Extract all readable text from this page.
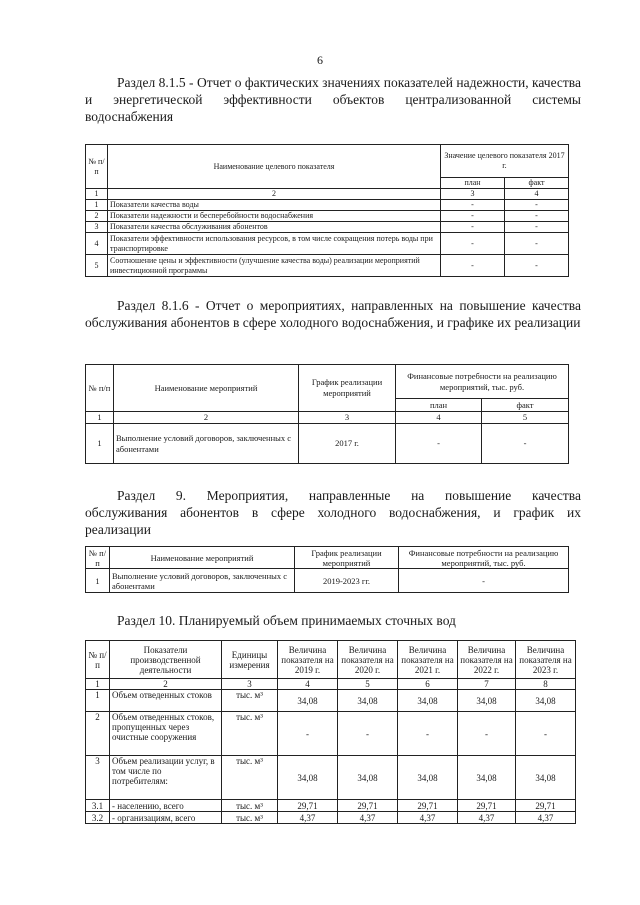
6

Раздел 8.1.5 - Отчет о фактических значениях показателей надежности, качества и энергетической эффективности объектов централизованной системы водоснабжения

№ п/п	Наименование целевого показателя	Значение целевого показателя 2017 г.	
		план	факт
1	2	3	4
1	Показатели качества воды	-	-
2	Показатели надежности и бесперебойности водоснабжения	-	-
3	Показатели качества обслуживания абонентов	-	-
4	Показатели эффективности использования ресурсов, в том числе сокращения потерь воды при транспортировке	-	-
5	Соотношение цены и эффективности (улучшение качества воды) реализации мероприятий инвестиционной программы	-	-

Раздел 8.1.6 - Отчет о мероприятиях, направленных на повышение качества обслуживания абонентов в сфере холодного водоснабжения, и графике их реализации

№ п/п	Наименование мероприятий	График реализации мероприятий	Финансовые потребности на реализацию мероприятий, тыс. руб.	
			план	факт
1	2	3	4	5
1	Выполнение условий договоров, заключенных с абонентами	2017 г.	-	-
Раздел 9. Мероприятия, направленные на повышение качества
обслуживания абонентов в сфере холодного водоснабжения, и график их
реализации
№ п/п	Наименование мероприятий	График реализации мероприятий	Финансовые потребности на реализацию мероприятий, тыс. руб.
1	Выполнение условий договоров, заключенных с абонентами	2019-2023 гг.	-
Раздел 10. Планируемый объем принимаемых сточных вод
№ п/п	Показатели производственной деятельности	Единицы измерения	Величина показателя на 2019 г.	Величина показателя на 2020 г.	Величина показателя на 2021 г.	Величина показателя на 2022 г.	Величина показателя на 2023 г.
1	2	3	4	5	6	7	8
1	Объем отведенных стоков	тыс. м³	34,08	34,08	34,08	34,08	34,08
2	Объем отведенных стоков, пропущенных через очистные сооружения	тыс. м³	-	-	-	-	-
3	Объем реализации услуг, в том числе по потребителям:	тыс. м³	34,08	34,08	34,08	34,08	34,08
3.1	- населению, всего	тыс. м³	29,71	29,71	29,71	29,71	29,71
3.2	- организациям, всего	тыс. м³	4,37	4,37	4,37	4,37	4,37
